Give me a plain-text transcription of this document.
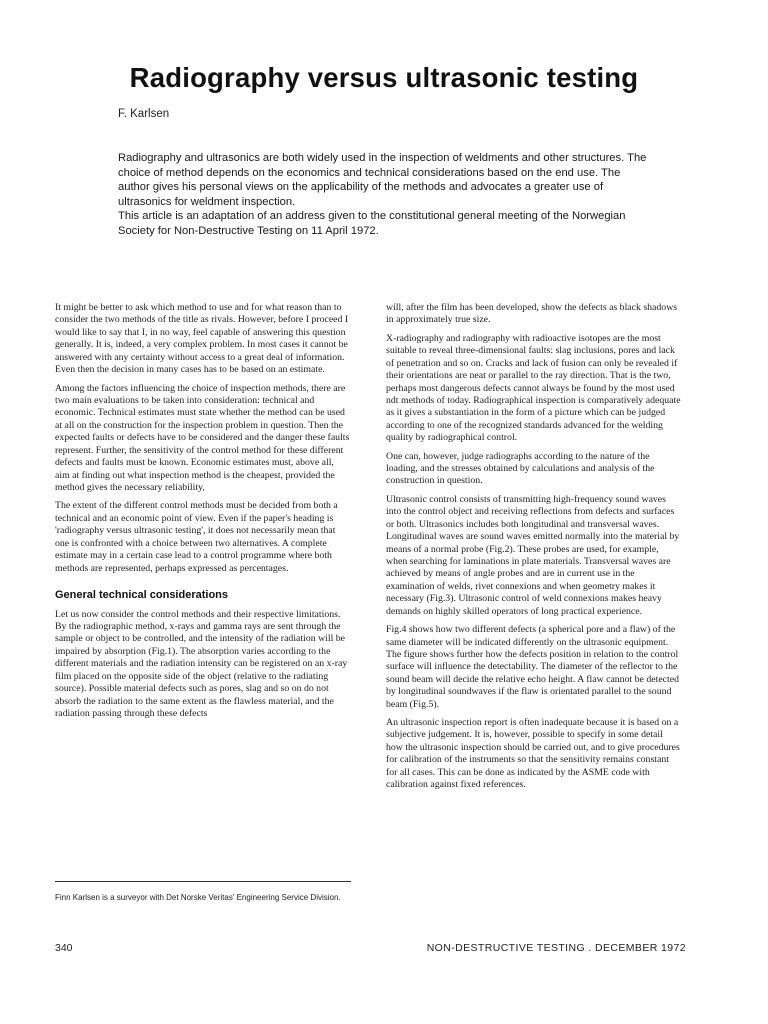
Radiography versus ultrasonic testing
F. Karlsen

Radiography and ultrasonics are both widely used in the inspection of weldments and other structures. The choice of method depends on the economics and technical considerations based on the end use. The author gives his personal views on the applicability of the methods and advocates a greater use of ultrasonics for weldment inspection.

This article is an adaptation of an address given to the constitutional general meeting of the Norwegian Society for Non-Destructive Testing on 11 April 1972.

It might be better to ask which method to use and for what reason than to consider the two methods of the title as rivals. However, before I proceed I would like to say that I, in no way, feel capable of answering this question generally. It is, indeed, a very complex problem. In most cases it cannot be answered with any certainty without access to a great deal of information. Even then the decision in many cases has to be based on an estimate.

Among the factors influencing the choice of inspection methods, there are two main evaluations to be taken into consideration: technical and economic. Technical estimates must state whether the method can be used at all on the construction for the inspection problem in question. Then the expected faults or defects have to be considered and the danger these faults represent. Further, the sensitivity of the control method for these different defects and faults must be known. Economic estimates must, above all, aim at finding out what inspection method is the cheapest, provided the method gives the necessary reliability,

The extent of the different control methods must be decided from both a technical and an economic point of view. Even if the paper's heading is 'radiography versus ultrasonic testing', it does not necessarily mean that one is confronted with a choice between two alternatives. A complete estimate may in a certain case lead to a control programme where both methods are represented, perhaps expressed as percentages.

General technical considerations

Let us now consider the control methods and their respective limitations. By the radiographic method, x-rays and gamma rays are sent through the sample or object to be controlled, and the intensity of the radiation will be impaired by absorption (Fig.1). The absorption varies according to the different materials and the radiation intensity can be registered on an x-ray film placed on the opposite side of the object (relative to the radiating source). Possible material defects such as pores, slag and so on do not absorb the radiation to the same extent as the flawless material, and the radiation passing through these defects

will, after the film has been developed, show the defects as black shadows in approximately true size.

X-radiography and radiography with radioactive isotopes are the most suitable to reveal three-dimensional faults: slag inclusions, pores and lack of penetration and so on. Cracks and lack of fusion can only be revealed if their orientations are neat or parallel to the ray direction. That is the two, perhaps most dangerous defects cannot always be found by the most used ndt methods of today. Radiographical inspection is comparatively adequate as it gives a substantiation in the form of a picture which can be judged according to one of the recognized standards advanced for the welding quality by radiographical control.

One can, however, judge radiographs according to the nature of the loading, and the stresses obtained by calculations and analysis of the construction in question.

Ultrasonic control consists of transmitting high-frequency sound waves into the control object and receiving reflections from defects and surfaces or both. Ultrasonics includes both longitudinal and transversal waves. Longitudinal waves are sound waves emitted normally into the material by means of a normal probe (Fig.2). These probes are used, for example, when searching for laminations in plate materials. Transversal waves are achieved by means of angle probes and are in current use in the examination of welds, rivet connexions and when geometry makes it necessary (Fig.3). Ultrasonic control of weld connexions makes heavy demands on highly skilled operators of long practical experience.

Fig.4 shows how two different defects (a spherical pore and a flaw) of the same diameter will be indicated differently on the ultrasonic equipment. The figure shows further how the defects position in relation to the control surface will influence the detectability. The diameter of the reflector to the sound beam will decide the relative echo height. A flaw cannot be detected by longitudinal soundwaves if the flaw is orientated parallel to the sound beam (Fig.5).

An ultrasonic inspection report is often inadequate because it is based on a subjective judgement. It is, however, possible to specify in some detail how the ultrasonic inspection should be carried out, and to give procedures for calibration of the instruments so that the sensitivity remains constant for all cases. This can be done as indicated by the ASME code with calibration against fixed references.

Finn Karlsen is a surveyor with Det Norske Veritas' Engineering Service Division.
340	NON-DESTRUCTIVE TESTING . DECEMBER 1972
